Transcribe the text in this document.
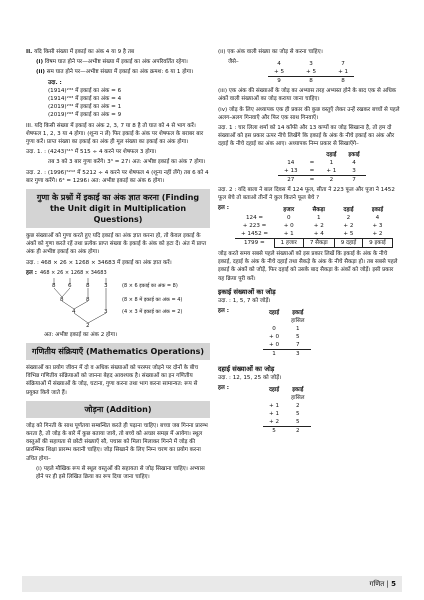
II. यदि किसी संख्या में इकाई का अंक 4 या 9 है तब
(i) विषम घात होने पर—अभीष्ट संख्या में इकाई का अंक अपरिवर्तित रहेगा।
(ii) सम घात होने पर—अभीष्ट संख्या में इकाई का अंक क्रमश: 6 या 1 होगा।
उदा. :
(1914)²³⁴ में इकाई का अंक = 6
(1914)²⁹³ में इकाई का अंक = 4
(2019)²³⁴ में इकाई का अंक = 1
(2019)²⁹³ में इकाई का अंक = 9
III. यदि किसी संख्या में इकाई का अंक 2, 3, 7 या 8 है तो घात को 4 से भाग करें। शेषफल 1, 2, 3 या 4 होगा। (शून्य न लें) फिर इकाई के अंक पर शेषफल के बराबर बार गुणा करें। प्राप्त संख्या का इकाई का अंक ही मूल संख्या का इकाई का अंक होगा।
उदा. 1. : (4243)⁵¹⁵ में 515 ÷ 4 करने पर शेषफल 3 होगा।
तब 3 को 3 बार गुणा करेंगे। 3³ = 27। अत: अभीष्ट इकाई का अंक 7 होगा।
उदा. 2. : (1996)⁵²¹² में 5212 ÷ 4 करने पर शेषफल 4 (शून्य नहीं लेंगे) तब 6 को 4 बार गुणा करेंगे। 6⁴ = 1296। अत: अभीष्ट इकाई का अंक 6 होगा।
गुणा के प्रश्नों में इकाई का अंक ज्ञात करना (Finding the Unit digit in Multiplication Questions)
कुछ संख्याओं को गुणा करते हुए यदि इकाई का अंक ज्ञात करना हो, तो केवल इकाई के अंकों को गुणा करते रहें तथा प्रत्येक प्राप्त संख्या के इकाई के अंक को हटा दें। अंत में प्राप्त अंक ही अभीष्ट इकाई का अंक होगा।
उदा. : 468 × 26 × 1268 × 34683 में इकाई का अंक ज्ञात करें।
हल : 468 × 26 × 1268 × 34683
8 6	8	3
8	8
4	3
2
(8 × 6 इकाई का अंक = 8)
(8 × 8 में इकाई का अंक = 4)
(4 × 3 में इकाई का अंक = 2)
अत: अभीष्ट इकाई का अंक 2 होगा।
गणितीय संक्रियाएँ (Mathematics Operations)
संख्याओं का प्रयोग जीवन में दो व अधिक संख्याओं को परस्पर जोड़ने पर दोनों के बीच विभिन्न गणितीय संक्रियाओं को जानना बेहद आवश्यक है। संख्याओं का इन गणितीय संक्रियाओं में संख्याओं के जोड़, घटाना, गुणा करना तथा भाग करना सामान्यत: रूप से प्रयुक्त किये जाते हैं।
जोड़ना (Addition)
जोड़ को गिनती के साथ पूर्णतया सम्बन्धित करते ही पढ़ाना चाहिए। बच्चा जब गिनना प्रारम्भ करता है, तो जोड़ के बारे में कुछ बताया जाये, तो बच्चे को अच्छा समझ में आयेगा। स्थूल वस्तुओं की सहायता से छोटी संख्याएँ सौ, पचास को मिला मिलाकर गिनने में जोड़ की प्रारम्भिक शिक्षा प्रारम्भ करानी चाहिए। जोड़ सिखाने के लिए निम्न चरण का प्रयोग करना उचित होगा–
(i) पहले मौखिक रूप से स्थूल वस्तुओं की सहायता से जोड़ सिखाना चाहिए। अभ्यास होने पर ही इसे लिखित क्रिया का रूप दिया जाना चाहिए।
(ii) एक अंक वाली संख्या का जोड़ से करना चाहिए।
जैसे–	4	3	7
+ 5	+ 5	+ 1
9	8	8
(iii) एक अंक की संख्याओं के जोड़ का अभ्यास तरह अभ्यस्त होने के बाद एक से अधिक अंकों वाली संख्याओं का जोड़ कराया जाना चाहिए।
(iv) जोड़ के लिए अध्यापक एक ही प्रकार की कुछ वस्तुएँ लेकर उन्हें रखकर बच्चों से पहले अलग-अलग गिनवाएँ और फिर एक साथ गिनवाएँ।
उदा. 1 : चार लिला शर्मा को 14 कॉफी और 13 कप्पों का जोड़ सिखाना है, तो हम दो संख्याओं को इस प्रकार ऊपर नीचे लिखेंगे कि इकाई के अंक के नीचे इकाई का अंक और दहाई के नीचे दहाई का अंक आए। अध्यापक निम्न प्रकार से सिखाएँगे–
		दहाई	इकाई
14	=	1	4
+ 13	=	+ 1	3
27	=	2	7
उदा. 2 : यदि बाला ने बाल दिवस में 124 फूल, सीता ने 223 फूल और पूजा ने 1452 फूल बेचे तो बताओ तीनों ने कुल कितने फूल बेचे ?
हल :
		हजार	सैकड़ा	दहाई	इकाई
124 =	0	1	2	4
+ 223 =	+ 0	+ 2	+ 2	+ 3
+ 1452 =	+ 1	+ 4	+ 5	+ 2
1799 =	1 हजार	7 सैकड़ा	9 दहाई	9 इकाई
जोड़ करते समय सबसे पहले संख्याओं को इस प्रकार लिखें कि इकाई के अंक के नीचे इकाई, दहाई के अंक के नीचे दहाई तथा सैकड़े के अंक के नीचे सैकड़ा हो। तब सबसे पहले इकाई के अंकों को जोड़ें, फिर दहाई को उसके बाद सैकड़ा के अंकों को जोड़ें। इसी प्रकार यह क्रिया पूरी करें।
इकाई संख्याओं का जोड़
उदा. : 1, 5, 7 को जोड़ें।
हल :	दहाई	इकाई
	हासिल
0	1
+ 0	5
+ 0	7
1	3
दहाई संख्याओं का जोड़
उदा. : 12, 15, 25 को जोड़ें।
हल :	दहाई	इकाई
	हासिल
+ 1	2
+ 1	5
+ 2	5
5	2
गणित | 5
